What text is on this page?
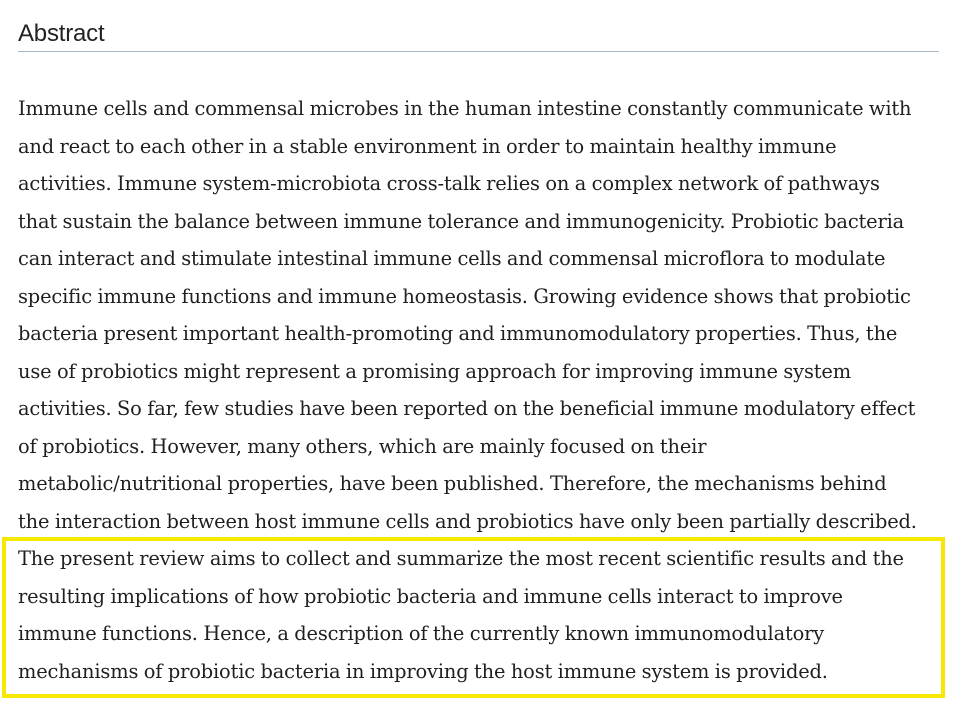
Abstract

Immune cells and commensal microbes in the human intestine constantly communicate with
and react to each other in a stable environment in order to maintain healthy immune
activities. Immune system-microbiota cross-talk relies on a complex network of pathways
that sustain the balance between immune tolerance and immunogenicity. Probiotic bacteria
can interact and stimulate intestinal immune cells and commensal microflora to modulate
specific immune functions and immune homeostasis. Growing evidence shows that probiotic
bacteria present important health-promoting and immunomodulatory properties. Thus, the
use of probiotics might represent a promising approach for improving immune system
activities. So far, few studies have been reported on the beneficial immune modulatory effect
of probiotics. However, many others, which are mainly focused on their
metabolic/nutritional properties, have been published. Therefore, the mechanisms behind
the interaction between host immune cells and probiotics have only been partially described.
The present review aims to collect and summarize the most recent scientific results and the
resulting implications of how probiotic bacteria and immune cells interact to improve
immune functions. Hence, a description of the currently known immunomodulatory
mechanisms of probiotic bacteria in improving the host immune system is provided.
